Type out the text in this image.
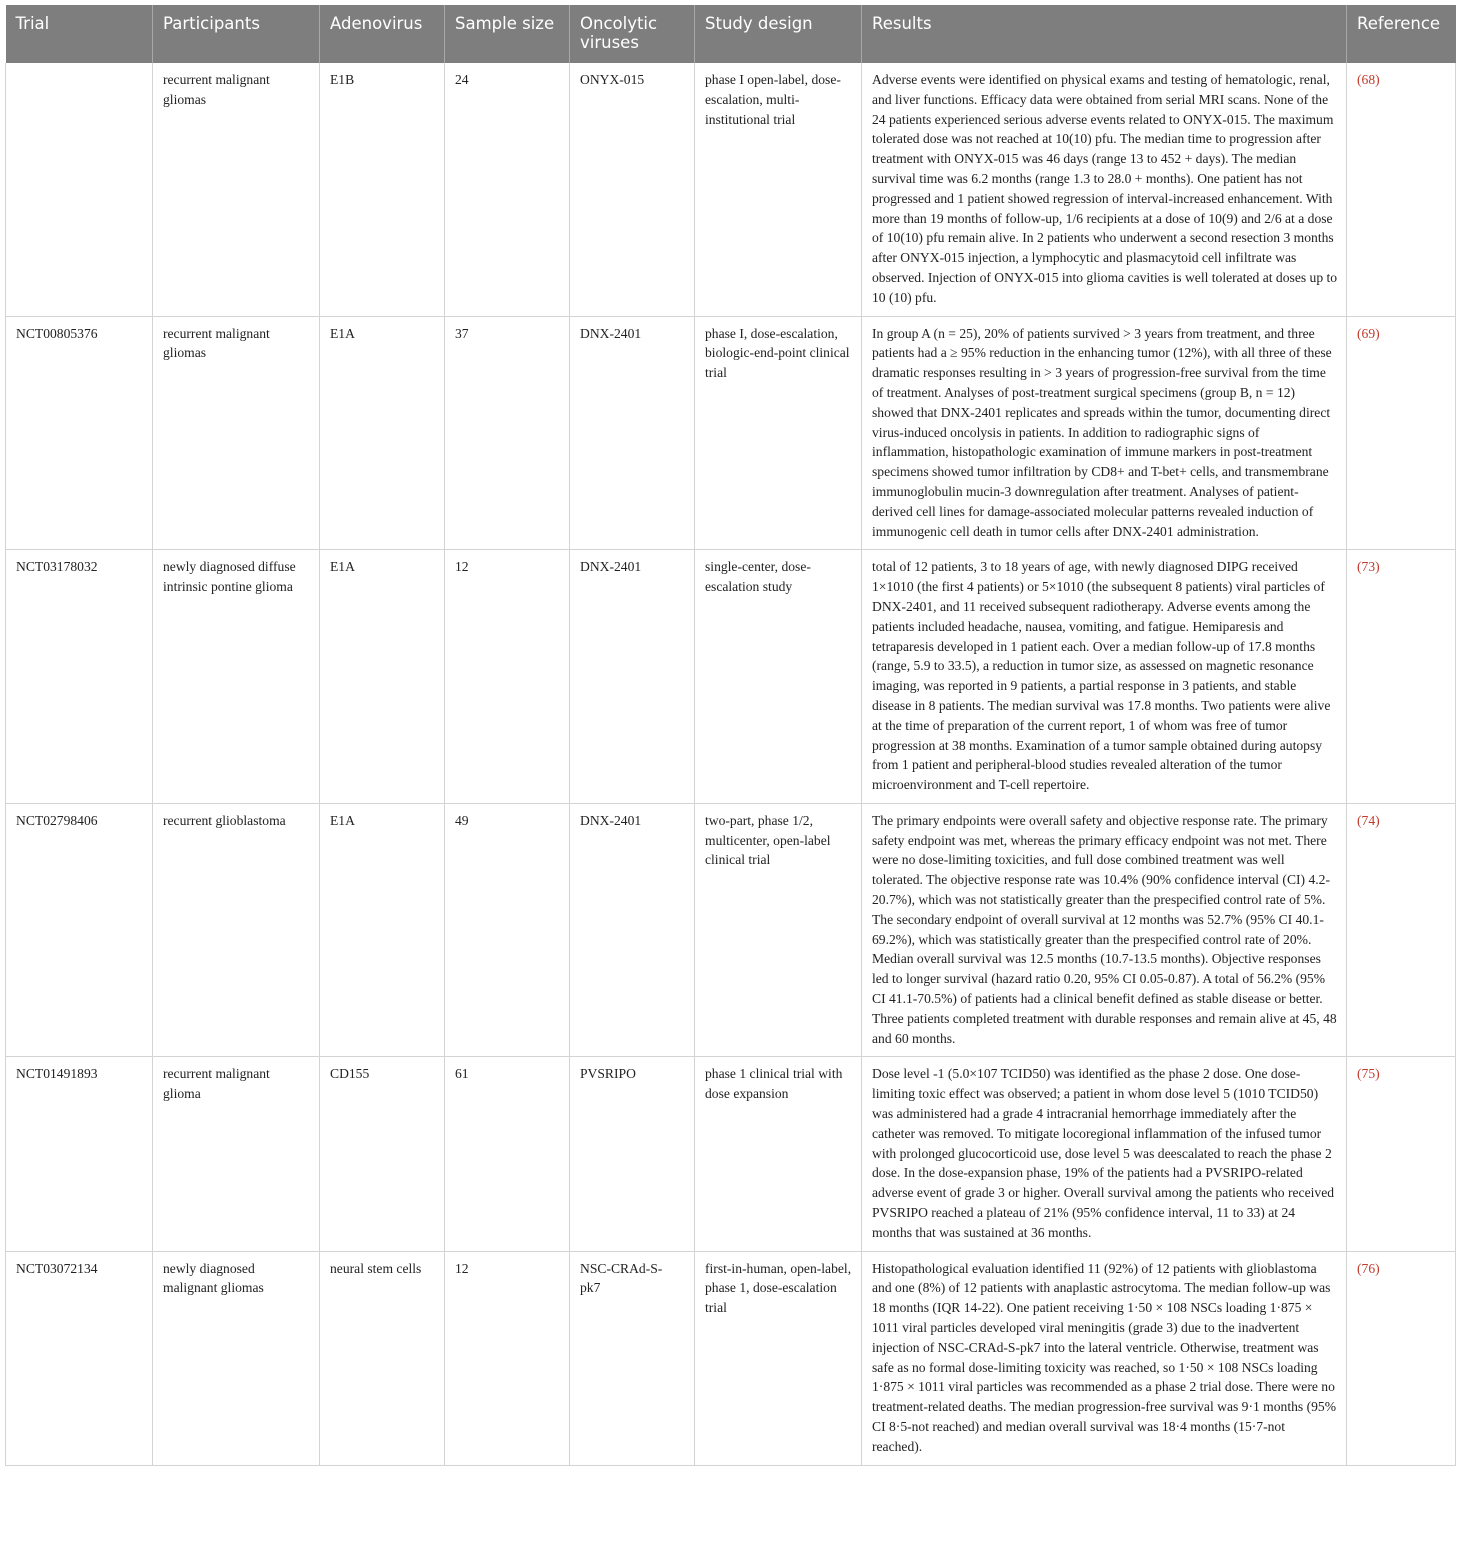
Trial	Participants	Adenovirus	Sample size	Oncolytic viruses	Study design	Results	Reference
	recurrent malignant gliomas	E1B	24	ONYX-015	phase I open-label, dose-escalation, multi-institutional trial	Adverse events were identified on physical exams and testing of hematologic, renal, and liver functions. Efficacy data were obtained from serial MRI scans. None of the 24 patients experienced serious adverse events related to ONYX-015. The maximum tolerated dose was not reached at 10(10) pfu. The median time to progression after treatment with ONYX-015 was 46 days (range 13 to 452 + days). The median survival time was 6.2 months (range 1.3 to 28.0 + months). One patient has not progressed and 1 patient showed regression of interval-increased enhancement. With more than 19 months of follow-up, 1/6 recipients at a dose of 10(9) and 2/6 at a dose of 10(10) pfu remain alive. In 2 patients who underwent a second resection 3 months after ONYX-015 injection, a lymphocytic and plasmacytoid cell infiltrate was observed. Injection of ONYX-015 into glioma cavities is well tolerated at doses up to 10 (10) pfu.	(68)
NCT00805376	recurrent malignant gliomas	E1A	37	DNX-2401	phase I, dose-escalation, biologic-end-point clinical trial	In group A (n = 25), 20% of patients survived > 3 years from treatment, and three patients had a ≥ 95% reduction in the enhancing tumor (12%), with all three of these dramatic responses resulting in > 3 years of progression-free survival from the time of treatment. Analyses of post-treatment surgical specimens (group B, n = 12) showed that DNX-2401 replicates and spreads within the tumor, documenting direct virus-induced oncolysis in patients. In addition to radiographic signs of inflammation, histopathologic examination of immune markers in post-treatment specimens showed tumor infiltration by CD8+ and T-bet+ cells, and transmembrane immunoglobulin mucin-3 downregulation after treatment. Analyses of patient-derived cell lines for damage-associated molecular patterns revealed induction of immunogenic cell death in tumor cells after DNX-2401 administration.	(69)
NCT03178032	newly diagnosed diffuse intrinsic pontine glioma	E1A	12	DNX-2401	single-center, dose-escalation study	total of 12 patients, 3 to 18 years of age, with newly diagnosed DIPG received 1×1010 (the first 4 patients) or 5×1010 (the subsequent 8 patients) viral particles of DNX-2401, and 11 received subsequent radiotherapy. Adverse events among the patients included headache, nausea, vomiting, and fatigue. Hemiparesis and tetraparesis developed in 1 patient each. Over a median follow-up of 17.8 months (range, 5.9 to 33.5), a reduction in tumor size, as assessed on magnetic resonance imaging, was reported in 9 patients, a partial response in 3 patients, and stable disease in 8 patients. The median survival was 17.8 months. Two patients were alive at the time of preparation of the current report, 1 of whom was free of tumor progression at 38 months. Examination of a tumor sample obtained during autopsy from 1 patient and peripheral-blood studies revealed alteration of the tumor microenvironment and T-cell repertoire.	(73)
NCT02798406	recurrent glioblastoma	E1A	49	DNX-2401	two-part, phase 1/2, multicenter, open-label clinical trial	The primary endpoints were overall safety and objective response rate. The primary safety endpoint was met, whereas the primary efficacy endpoint was not met. There were no dose-limiting toxicities, and full dose combined treatment was well tolerated. The objective response rate was 10.4% (90% confidence interval (CI) 4.2-20.7%), which was not statistically greater than the prespecified control rate of 5%. The secondary endpoint of overall survival at 12 months was 52.7% (95% CI 40.1-69.2%), which was statistically greater than the prespecified control rate of 20%. Median overall survival was 12.5 months (10.7-13.5 months). Objective responses led to longer survival (hazard ratio 0.20, 95% CI 0.05-0.87). A total of 56.2% (95% CI 41.1-70.5%) of patients had a clinical benefit defined as stable disease or better. Three patients completed treatment with durable responses and remain alive at 45, 48 and 60 months.	(74)
NCT01491893	recurrent malignant glioma	CD155	61	PVSRIPO	phase 1 clinical trial with dose expansion	Dose level -1 (5.0×107 TCID50) was identified as the phase 2 dose. One dose-limiting toxic effect was observed; a patient in whom dose level 5 (1010 TCID50) was administered had a grade 4 intracranial hemorrhage immediately after the catheter was removed. To mitigate locoregional inflammation of the infused tumor with prolonged glucocorticoid use, dose level 5 was deescalated to reach the phase 2 dose. In the dose-expansion phase, 19% of the patients had a PVSRIPO-related adverse event of grade 3 or higher. Overall survival among the patients who received PVSRIPO reached a plateau of 21% (95% confidence interval, 11 to 33) at 24 months that was sustained at 36 months.	(75)
NCT03072134	newly diagnosed malignant gliomas	neural stem cells	12	NSC-CRAd-S-pk7	first-in-human, open-label, phase 1, dose-escalation trial	Histopathological evaluation identified 11 (92%) of 12 patients with glioblastoma and one (8%) of 12 patients with anaplastic astrocytoma. The median follow-up was 18 months (IQR 14-22). One patient receiving 1·50 × 108 NSCs loading 1·875 × 1011 viral particles developed viral meningitis (grade 3) due to the inadvertent injection of NSC-CRAd-S-pk7 into the lateral ventricle. Otherwise, treatment was safe as no formal dose-limiting toxicity was reached, so 1·50 × 108 NSCs loading 1·875 × 1011 viral particles was recommended as a phase 2 trial dose. There were no treatment-related deaths. The median progression-free survival was 9·1 months (95% CI 8·5-not reached) and median overall survival was 18·4 months (15·7-not reached).	(76)
